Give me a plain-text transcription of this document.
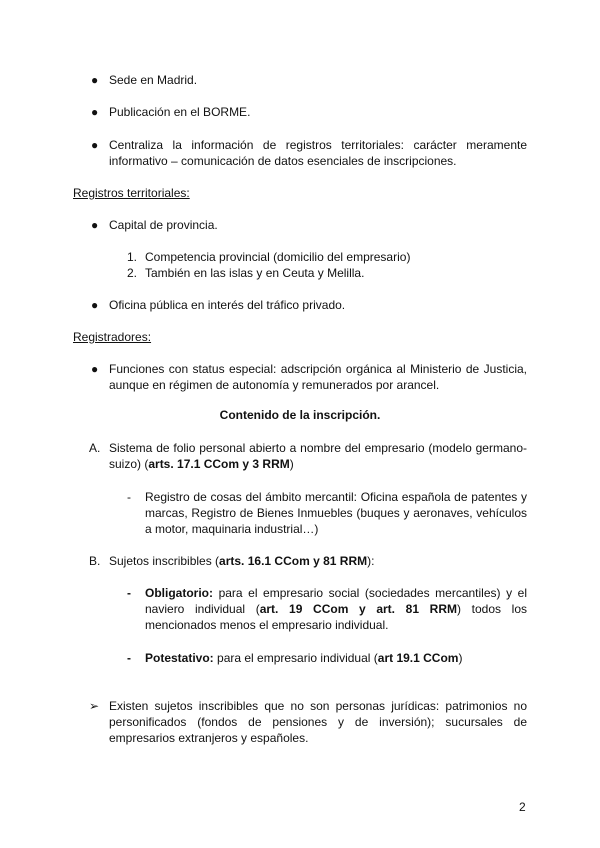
● Sede en Madrid.
● Publicación en el BORME.
● Centraliza la información de registros territoriales: carácter meramente informativo – comunicación de datos esenciales de inscripciones.
Registros territoriales:
● Capital de provincia.
1. Competencia provincial (domicilio del empresario)
2. También en las islas y en Ceuta y Melilla.
● Oficina pública en interés del tráfico privado.
Registradores:
● Funciones con status especial: adscripción orgánica al Ministerio de Justicia, aunque en régimen de autonomía y remunerados por arancel.
Contenido de la inscripción.
A. Sistema de folio personal abierto a nombre del empresario (modelo germano-suizo) (arts. 17.1 CCom y 3 RRM)
- Registro de cosas del ámbito mercantil: Oficina española de patentes y marcas, Registro de Bienes Inmuebles (buques y aeronaves, vehículos a motor, maquinaria industrial…)
B. Sujetos inscribibles (arts. 16.1 CCom y 81 RRM):
- Obligatorio: para el empresario social (sociedades mercantiles) y el naviero individual (art. 19 CCom y art. 81 RRM) todos los mencionados menos el empresario individual.
- Potestativo: para el empresario individual (art 19.1 CCom)
➢ Existen sujetos inscribibles que no son personas jurídicas: patrimonios no personificados (fondos de pensiones y de inversión); sucursales de empresarios extranjeros y españoles.
2
